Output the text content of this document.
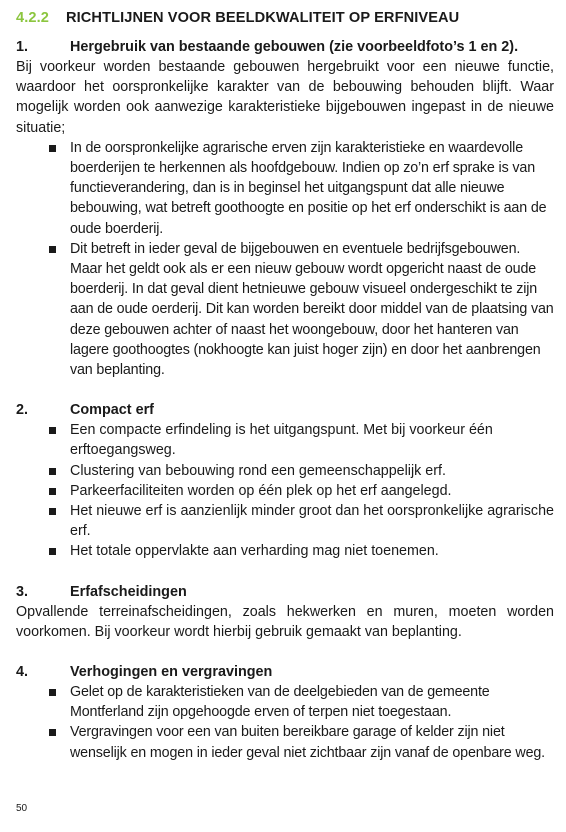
4.2.2	RICHTLIJNEN VOOR BEELDKWALITEIT OP ERFNIVEAU
1.	Hergebruik van bestaande gebouwen (zie voorbeeldfoto’s 1 en 2).

Bij voorkeur worden bestaande gebouwen hergebruikt voor een nieuwe functie, waardoor het oorspronkelijke karakter van de bebouwing behouden blijft. Waar mogelijk worden ook aanwezige karakteristieke bijgebouwen ingepast in de nieuwe situatie;

In de oorspronkelijke agrarische erven zijn karakteristieke en waardevolle boerderijen te herkennen als hoofdgebouw. Indien op zo’n erf sprake is van functieverandering, dan is in beginsel het uitgangspunt dat alle nieuwe bebouwing, wat betreft goothoogte en positie op het erf onderschikt is aan de oude boerderij.
Dit betreft in ieder geval de bijgebouwen en eventuele bedrijfsgebouwen. Maar het geldt ook als er een nieuw gebouw wordt opgericht naast de oude boerderij. In dat geval dient hetnieuwe gebouw visueel ondergeschikt te zijn aan de oude oerderij. Dit kan worden bereikt door middel van de plaatsing van deze gebouwen achter of naast het woongebouw, door het hanteren van lagere goothoogtes (nokhoogte kan juist hoger zijn) en door het aanbrengen van beplanting.
2.	Compact erf
Een compacte erfindeling is het uitgangspunt. Met bij voorkeur één erftoegangsweg.
Clustering van bebouwing rond een gemeenschappelijk erf.
Parkeerfaciliteiten worden op één plek op het erf aangelegd.
Het nieuwe erf is aanzienlijk minder groot dan het oorspronkelijke agrarische erf.
Het totale oppervlakte aan verharding mag niet toenemen.
3.	Erfafscheidingen

Opvallende terreinafscheidingen, zoals hekwerken en muren, moeten worden voorkomen. Bij voorkeur wordt hierbij gebruik gemaakt van beplanting.

4.	Verhogingen en vergravingen
Gelet op de karakteristieken van de deelgebieden van de gemeente Montferland zijn opgehoogde erven of terpen niet toegestaan.
Vergravingen voor een van buiten bereikbare garage of kelder zijn niet wenselijk en mogen in ieder geval niet zichtbaar zijn vanaf de openbare weg.
50
